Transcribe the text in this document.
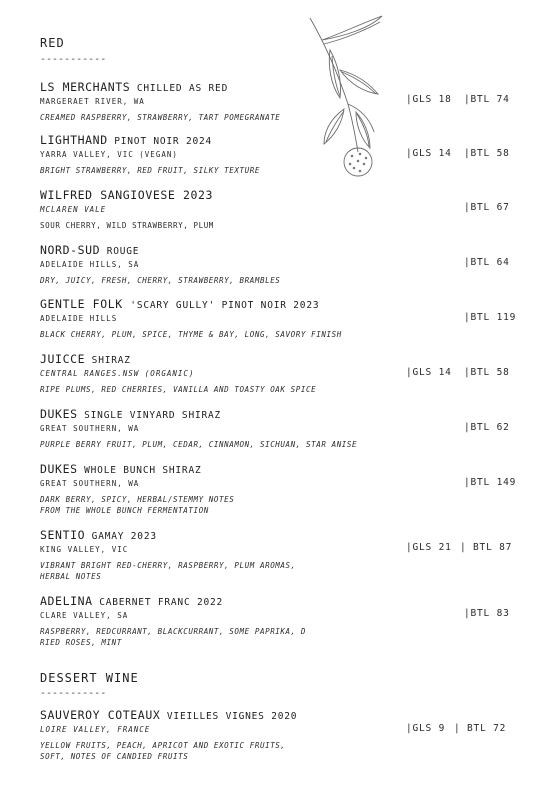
RED
-----------
LS MERCHANTS CHILLED AS RED
MARGERAET RIVER, WA
CREAMED RASPBERRY, STRAWBERRY, TART POMEGRANATE
|GLS 18 |BTL 74
LIGHTHAND PINOT NOIR 2024
YARRA VALLEY, VIC (VEGAN)
BRIGHT STRAWBERRY, RED FRUIT, SILKY TEXTURE
|GLS 14 |BTL 58
WILFRED SANGIOVESE 2023
MCLAREN VALE
SOUR CHERRY, WILD STRAWBERRY, PLUM
|BTL 67
NORD-SUD ROUGE
ADELAIDE HILLS, SA
DRY, JUICY, FRESH, CHERRY, STRAWBERRY, BRAMBLES
|BTL 64
GENTLE FOLK 'SCARY GULLY' PINOT NOIR 2023
ADELAIDE HILLS
BLACK CHERRY, PLUM, SPICE, THYME & BAY, LONG, SAVORY FINISH
|BTL 119
JUICCE SHIRAZ
CENTRAL RANGES.NSW (ORGANIC)
RIPE PLUMS, RED CHERRIES, VANILLA AND TOASTY OAK SPICE
|GLS 14 |BTL 58
DUKES SINGLE VINYARD SHIRAZ
GREAT SOUTHERN, WA
PURPLE BERRY FRUIT, PLUM, CEDAR, CINNAMON, SICHUAN, STAR ANISE
|BTL 62
DUKES WHOLE BUNCH SHIRAZ
GREAT SOUTHERN, WA
DARK BERRY, SPICY, HERBAL/STEMMY NOTES
FROM THE WHOLE BUNCH FERMENTATION
|BTL 149
SENTIO GAMAY 2023
KING VALLEY, VIC
VIBRANT BRIGHT RED-CHERRY, RASPBERRY, PLUM AROMAS,
HERBAL NOTES
|GLS 21 | BTL 87
ADELINA CABERNET FRANC 2022
CLARE VALLEY, SA
RASPBERRY, REDCURRANT, BLACKCURRANT, SOME PAPRIKA, D
RIED ROSES, MINT
|BTL 83
DESSERT WINE
-----------
SAUVEROY COTEAUX VIEILLES VIGNES 2020
LOIRE VALLEY, FRANCE
YELLOW FRUITS, PEACH, APRICOT AND EXOTIC FRUITS,
SOFT, NOTES OF CANDIED FRUITS
|GLS 9 | BTL 72
